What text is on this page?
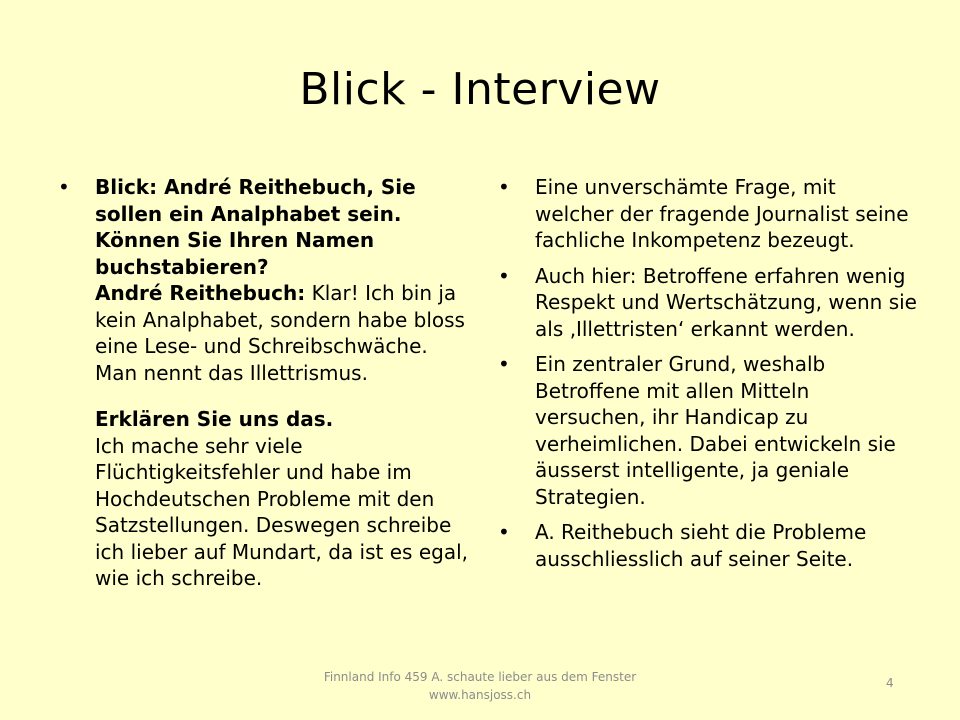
Blick - Interview
• Blick: André Reithebuch, Sie sollen ein Analphabet sein. Können Sie Ihren Namen buchstabieren?
André Reithebuch: Klar! Ich bin ja kein Analphabet, sondern habe bloss eine Lese- und Schreibschwäche. Man nennt das Illettrismus.
Erklären Sie uns das.
Ich mache sehr viele Flüchtigkeitsfehler und habe im Hochdeutschen Probleme mit den Satzstellungen. Deswegen schreibe ich lieber auf Mundart, da ist es egal, wie ich schreibe.
• Eine unverschämte Frage, mit welcher der fragende Journalist seine fachliche Inkompetenz bezeugt.
• Auch hier: Betroffene erfahren wenig Respekt und Wertschätzung, wenn sie als ‚Illettristen‘ erkannt werden.
• Ein zentraler Grund, weshalb Betroffene mit allen Mitteln versuchen, ihr Handicap zu verheimlichen. Dabei entwickeln sie äusserst intelligente, ja geniale Strategien.
• A. Reithebuch sieht die Probleme ausschliesslich auf seiner Seite.
Finnland Info 459 A. schaute lieber aus dem Fenster www.hansjoss.ch
4
